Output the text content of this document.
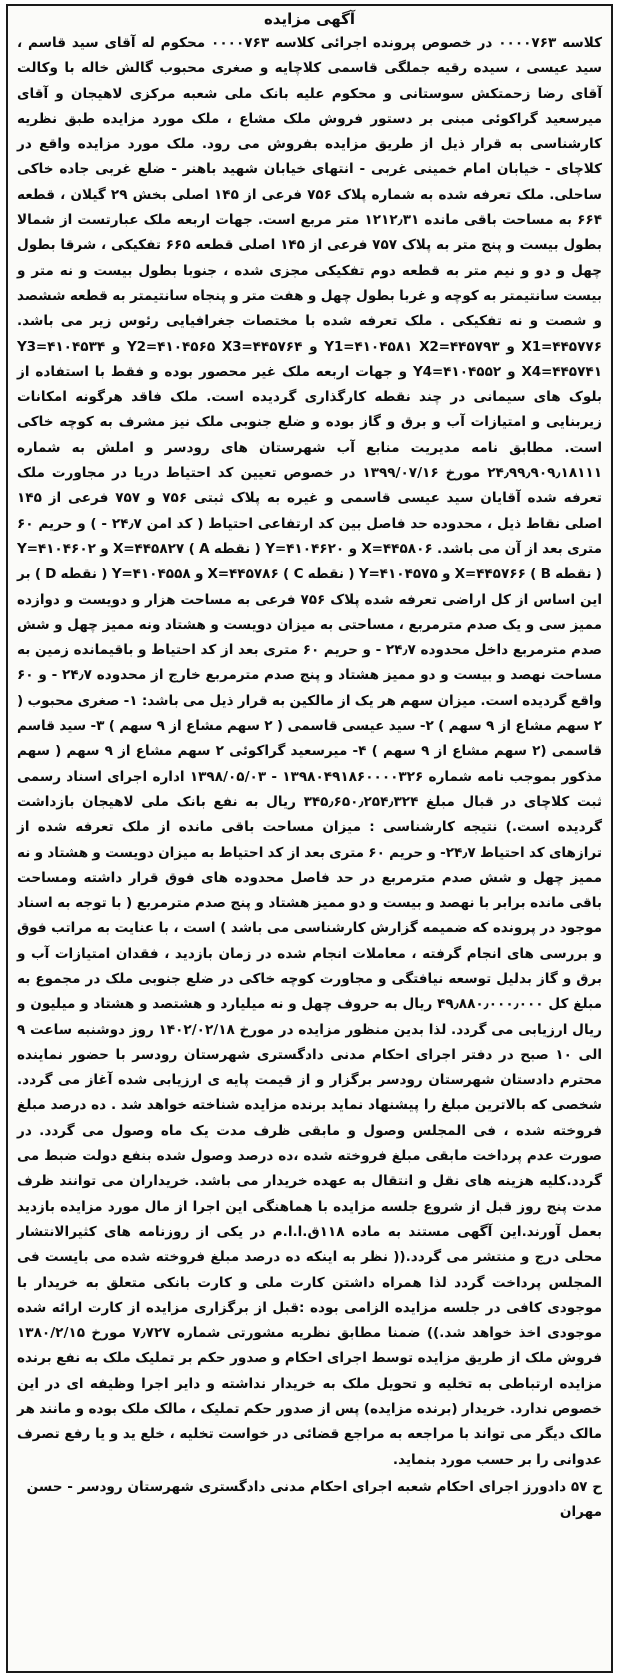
آگهی مزایده

کلاسه ۰۰۰۰۷۶۳ در خصوص پرونده اجرائی کلاسه ۰۰۰۰۷۶۳ محکوم له آقای سید قاسم ، سید عیسی ، سیده رقیه جملگی قاسمی کلاچایه و صغری محبوب گالش خاله با وکالت آقای رضا زحمتکش سوستانی و محکوم علیه بانک ملی شعبه مرکزی لاهیجان و آقای میرسعید گراکوئی مبنی بر دستور فروش ملک مشاع ، ملک مورد مزایده طبق نظریه کارشناسی به قرار ذیل از طریق مزایده بفروش می رود. ملک مورد مزایده واقع در کلاچای - خیابان امام خمینی غربی - انتهای خیابان شهید باهنر - ضلع غربی جاده خاکی ساحلی. ملک تعرفه شده به شماره پلاک ۷۵۶ فرعی از ۱۴۵ اصلی بخش ۲۹ گیلان ، قطعه ۶۶۴ به مساحت باقی مانده ۱۲۱۲٫۳۱ متر مربع است. جهات اربعه ملک عبارتست از شمالا بطول بیست و پنج متر به پلاک ۷۵۷ فرعی از ۱۴۵ اصلی قطعه ۶۶۵ تفکیکی ، شرقا بطول چهل و دو و نیم متر به قطعه دوم تفکیکی مجزی شده ، جنوبا بطول بیست و نه متر و بیست سانتیمتر به کوچه و غربا بطول چهل و هفت متر و پنجاه سانتیمتر به قطعه ششصد و شصت و نه تفکیکی . ملک تعرفه شده با مختصات جغرافیایی رئوس زیر می باشد. X1=۴۴۵۷۷۶ و Y1=۴۱۰۴۵۸۱ X2=۴۴۵۷۹۳ و Y2=۴۱۰۴۵۶۵ X3=۴۴۵۷۶۴ و Y3=۴۱۰۴۵۳۴ X4=۴۴۵۷۴۱ و Y4=۴۱۰۴۵۵۲ و جهات اربعه ملک غیر محصور بوده و فقط با استفاده از بلوک های سیمانی در چند نقطه کارگذاری گردیده است. ملک فاقد هرگونه امکانات زیربنایی و امتیازات آب و برق و گاز بوده و ضلع جنوبی ملک نیز مشرف به کوچه خاکی است. مطابق نامه مدیریت منابع آب شهرستان های رودسر و املش به شماره ۲۴٫۹۹٫۹۰۹٫۱۸۱۱۱ مورخ ۱۳۹۹/۰۷/۱۶ در خصوص تعیین کد احتیاط دریا در مجاورت ملک تعرفه شده آقایان سید عیسی قاسمی و غیره به پلاک ثبتی ۷۵۶ و ۷۵۷ فرعی از ۱۴۵ اصلی نقاط ذیل ، محدوده حد فاصل بین کد ارتفاعی احتیاط ( کد امن ۲۴٫۷ - ) و حریم ۶۰ متری بعد از آن می باشد. X=۴۴۵۸۰۶ و Y=۴۱۰۴۶۲۰ ( نقطه X=۴۴۵۸۲۷ ( A و Y=۴۱۰۴۶۰۲ ( نقطه X=۴۴۵۷۶۶ ( B و Y=۴۱۰۴۵۷۵ ( نقطه X=۴۴۵۷۸۶ ( C و Y=۴۱۰۴۵۵۸ ( نقطه D ) بر این اساس از کل اراضی تعرفه شده پلاک ۷۵۶ فرعی به مساحت هزار و دویست و دوازده ممیز سی و یک صدم مترمربع ، مساحتی به میزان دویست و هشتاد ونه ممیز چهل و شش صدم مترمربع داخل محدوده ۲۴٫۷ - و حریم ۶۰ متری بعد از کد احتیاط و باقیمانده زمین به مساحت نهصد و بیست و دو ممیز هشتاد و پنج صدم مترمربع خارج از محدوده ۲۴٫۷ - و ۶۰ واقع گردیده است. میزان سهم هر یک از مالکین به قرار ذیل می باشد: ۱- صغری محبوب ( ۲ سهم مشاع از ۹ سهم ) ۲- سید عیسی قاسمی ( ۲ سهم مشاع از ۹ سهم ) ۳- سید قاسم قاسمی (۲ سهم مشاع از ۹ سهم ) ۴- میرسعید گراکوئی ۲ سهم مشاع از ۹ سهم ( سهم مذکور بموجب نامه شماره ۱۳۹۸۰۴۹۱۸۶۰۰۰۰۳۲۶ - ۱۳۹۸/۰۵/۰۳ اداره اجرای اسناد رسمی ثبت کلاچای در قبال مبلغ ۳۴۵٫۶۵۰٫۲۵۴٫۳۲۴ ریال به نفع بانک ملی لاهیجان بازداشت گردیده است.) نتیجه کارشناسی : میزان مساحت باقی مانده از ملک تعرفه شده از ترازهای کد احتیاط ۲۴٫۷- و حریم ۶۰ متری بعد از کد احتیاط به میزان دویست و هشتاد و نه ممیز چهل و شش صدم مترمربع در حد فاصل محدوده های فوق قرار داشته ومساحت باقی مانده برابر با نهصد و بیست و دو ممیز هشتاد و پنج صدم مترمربع ( با توجه به اسناد موجود در پرونده که ضمیمه گزارش کارشناسی می باشد ) است ، با عنایت به مراتب فوق و بررسی های انجام گرفته ، معاملات انجام شده در زمان بازدید ، فقدان امتیازات آب و برق و گاز بدلیل توسعه نیافتگی و مجاورت کوچه خاکی در ضلع جنوبی ملک در مجموع به مبلغ کل ۴۹٫۸۸۰٫۰۰۰٫۰۰۰ ریال به حروف چهل و نه میلیارد و هشتصد و هشتاد و میلیون و ریال ارزیابی می گردد. لذا بدین منظور مزایده در مورخ ۱۴۰۲/۰۲/۱۸ روز دوشنبه ساعت ۹ الی ۱۰ صبح در دفتر اجرای احکام مدنی دادگستری شهرستان رودسر با حضور نماینده محترم دادستان شهرستان رودسر برگزار و از قیمت پایه ی ارزیابی شده آغاز می گردد. شخصی که بالاترین مبلغ را پیشنهاد نماید برنده مزایده شناخته خواهد شد . ده درصد مبلغ فروخته شده ، فی المجلس وصول و مابقی ظرف مدت یک ماه وصول می گردد. در صورت عدم پرداخت مابقی مبلغ فروخته شده ،ده درصد وصول شده بنفع دولت ضبط می گردد.کلیه هزینه های نقل و انتقال به عهده خریدار می باشد. خریداران می توانند ظرف مدت پنج روز قبل از شروع جلسه مزایده با هماهنگی این اجرا از مال مورد مزایده بازدید بعمل آورند.این آگهی مستند به ماده ۱۱۸ق.ا.ا.م در یکی از روزنامه های کثیرالانتشار محلی درج و منتشر می گردد.(( نظر به اینکه ده درصد مبلغ فروخته شده می بایست فی المجلس پرداخت گردد لذا همراه داشتن کارت ملی و کارت بانکی متعلق به خریدار با موجودی کافی در جلسه مزایده الزامی بوده :قبل از برگزاری مزایده از کارت ارائه شده موجودی اخذ خواهد شد.)) ضمنا مطابق نظریه مشورتی شماره ۷٫۷۲۷ مورخ ۱۳۸۰/۲/۱۵ فروش ملک از طریق مزایده توسط اجرای احکام و صدور حکم بر تملیک ملک به نفع برنده مزایده ارتباطی به تخلیه و تحویل ملک به خریدار نداشته و دایر اجرا وظیفه ای در این خصوص ندارد. خریدار (برنده مزایده) پس از صدور حکم تملیک ، مالک ملک بوده و مانند هر مالک دیگر می تواند با مراجعه به مراجع قضائی در خواست تخلیه ، خلع ید و یا رفع تصرف عدوانی را بر حسب مورد بنماید.

ح ۵۷ دادورز اجرای احکام شعبه اجرای احکام مدنی دادگستری شهرستان رودسر - حسن مهران
